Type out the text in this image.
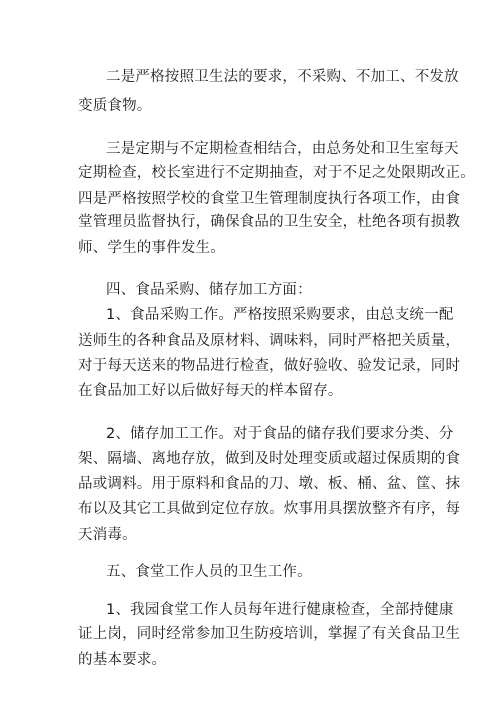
二是严格按照卫生法的要求，不采购、不加工、不发放
变质食物。
三是定期与不定期检查相结合，由总务处和卫生室每天
定期检查，校长室进行不定期抽查，对于不足之处限期改正。
四是严格按照学校的食堂卫生管理制度执行各项工作，由食
堂管理员监督执行，确保食品的卫生安全，杜绝各项有损教
师、学生的事件发生。
四、食品采购、储存加工方面：
1、食品采购工作。严格按照采购要求，由总支统一配
送师生的各种食品及原材料、调味料，同时严格把关质量，
对于每天送来的物品进行检查，做好验收、验发记录，同时
在食品加工好以后做好每天的样本留存。
2、储存加工工作。对于食品的储存我们要求分类、分
架、隔墙、离地存放，做到及时处理变质或超过保质期的食
品或调料。用于原料和食品的刀、墩、板、桶、盆、筐、抹
布以及其它工具做到定位存放。炊事用具摆放整齐有序，每
天消毒。
五、食堂工作人员的卫生工作。
1、我园食堂工作人员每年进行健康检查，全部持健康
证上岗，同时经常参加卫生防疫培训，掌握了有关食品卫生
的基本要求。
